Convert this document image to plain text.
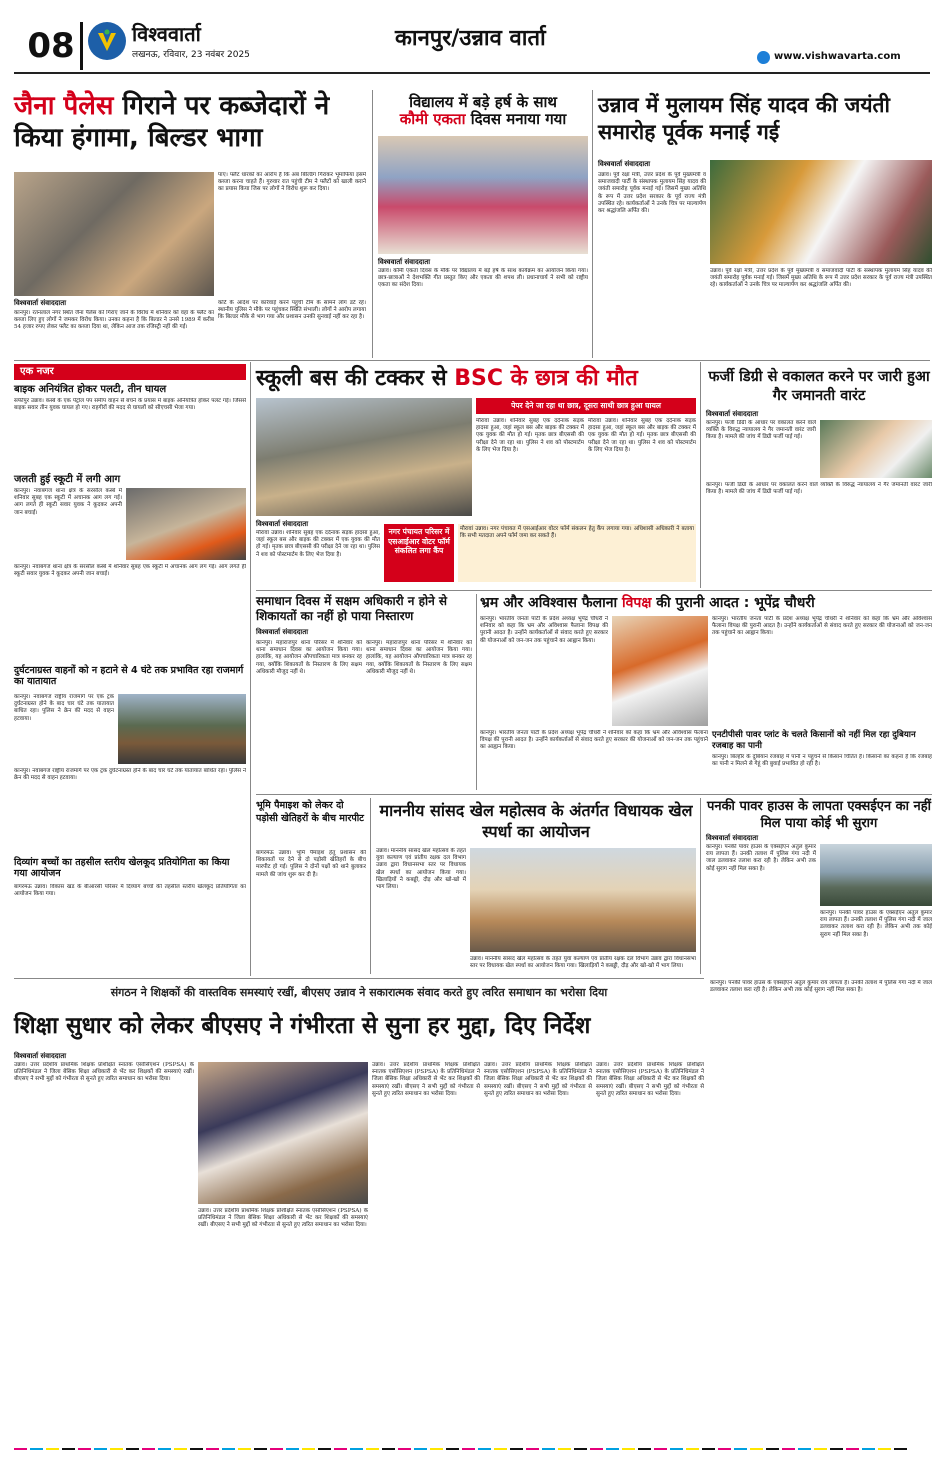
08	विश्ववार्ता
लखनऊ, रविवार, 23 नवंबर 2025
कानपुर/उन्नाव वार्ता
www.vishwavarta.com
जैना पैलेस गिराने पर कब्जेदारों ने किया हंगामा, बिल्डर भागा
पाए। फ्लैट धारकों का आरोप है कि अब बिल्डिंग गिराकर भूमाफिया इसमें कब्जा करना चाहते हैं। गुरुवार रात पहुंची टीम ने फ्लैटों को खाली कराने का प्रयास किया जिस पर लोगों ने विरोध शुरू कर दिया।
विश्ववार्ता संवाददाता
कानपुर। रतनलाल नगर स्थित जैना पैलेस को गिराए जाने के विरोध में शनिवार को वहां के फ्लैट का कब्जा लिए हुए लोगों ने जमकर विरोध किया। उनका कहना है कि बिल्डर ने उनसे 1989 में करीब 54 हजार रुपए लेकर फ्लैट का कब्जा दिया था, लेकिन आज तक रजिस्ट्री नहीं की गई।
कोर्ट के आदेश पर कार्रवाई करने पहुंची टीम के सामने लोग डटे रहे। स्थानीय पुलिस ने मौके पर पहुंचकर स्थिति संभाली। लोगों ने आरोप लगाया कि बिल्डर मौके से भाग गया और प्रशासन उनकी सुनवाई नहीं कर रहा है।
विद्यालय में बड़े हर्ष के साथ
कौमी एकता दिवस मनाया गया
विश्ववार्ता संवाददाता
उन्नाव। कौमी एकता दिवस के मौके पर विद्यालय में बड़े हर्ष के साथ कार्यक्रम का आयोजन किया गया। छात्र-छात्राओं ने देशभक्ति गीत प्रस्तुत किए और एकता की शपथ ली। प्रधानाचार्य ने सभी को राष्ट्रीय एकता का संदेश दिया।
उन्नाव में मुलायम सिंह यादव की जयंती समारोह पूर्वक मनाई गई
विश्ववार्ता संवाददाता
उन्नाव। पूर्व रक्षा मंत्री, उत्तर प्रदेश के पूर्व मुख्यमंत्री व समाजवादी पार्टी के संस्थापक मुलायम सिंह यादव की जयंती समारोह पूर्वक मनाई गई। जिसमें मुख्य अतिथि के रूप में उत्तर प्रदेश सरकार के पूर्व राज्य मंत्री उपस्थित रहे। कार्यकर्ताओं ने उनके चित्र पर माल्यार्पण कर श्रद्धांजलि अर्पित की।
उन्नाव। पूर्व रक्षा मंत्री, उत्तर प्रदेश के पूर्व मुख्यमंत्री व समाजवादी पार्टी के संस्थापक मुलायम सिंह यादव की जयंती समारोह पूर्वक मनाई गई। जिसमें मुख्य अतिथि के रूप में उत्तर प्रदेश सरकार के पूर्व राज्य मंत्री उपस्थित रहे। कार्यकर्ताओं ने उनके चित्र पर माल्यार्पण कर श्रद्धांजलि अर्पित की।
एक नजर
बाइक अनियंत्रित होकर पलटी, तीन घायल
सफीपुर उन्नाव। कस्बे के एक पेट्रोल पंप समीप वाहन से बचने के प्रयास में बाइक अनियंत्रित होकर पलट गई। जिससे बाइक सवार तीन युवक घायल हो गए। राहगीरों की मदद से घायलों को सीएचसी भेजा गया।
जलती हुई स्कूटी में लगी आग
कानपुर। नवाबगंज थाना क्षेत्र के सरसौल कस्बे में शनिवार सुबह एक स्कूटी में अचानक आग लग गई। आग लगते ही स्कूटी सवार युवक ने कूदकर अपनी जान बचाई।
कानपुर। नवाबगंज थाना क्षेत्र के सरसौल कस्बे में शनिवार सुबह एक स्कूटी में अचानक आग लग गई। आग लगते ही स्कूटी सवार युवक ने कूदकर अपनी जान बचाई।
दुर्घटनाग्रस्त वाहनों को न हटाने से 4 घंटे तक प्रभावित रहा राजमार्ग का यातायात
कानपुर। नवाबगंज राष्ट्रीय राजमार्ग पर एक ट्रक दुर्घटनाग्रस्त होने के बाद चार घंटे तक यातायात बाधित रहा। पुलिस ने क्रेन की मदद से वाहन हटवाया।
कानपुर। नवाबगंज राष्ट्रीय राजमार्ग पर एक ट्रक दुर्घटनाग्रस्त होने के बाद चार घंटे तक यातायात बाधित रहा। पुलिस ने क्रेन की मदद से वाहन हटवाया।
दिव्यांग बच्चों का तहसील स्तरीय खेलकूद प्रतियोगिता का किया गया आयोजन
बांगरमऊ उन्नाव। विकास खंड के बीआरसी परिसर में दिव्यांग बच्चों की तहसील स्तरीय खेलकूद प्रतियोगिता का आयोजन किया गया।
स्कूली बस की टक्कर से BSC के छात्र की मौत
पेपर देने जा रहा था छात्र, दूसरा साथी छात्र हुआ घायल
मौरावां उन्नाव। शनिवार सुबह एक दर्दनाक सड़क हादसा हुआ, जहां स्कूल बस और बाइक की टक्कर में एक युवक की मौत हो गई। मृतक छात्र बीएससी की परीक्षा देने जा रहा था। पुलिस ने शव को पोस्टमार्टम के लिए भेज दिया है।
मौरावां उन्नाव। शनिवार सुबह एक दर्दनाक सड़क हादसा हुआ, जहां स्कूल बस और बाइक की टक्कर में एक युवक की मौत हो गई। मृतक छात्र बीएससी की परीक्षा देने जा रहा था। पुलिस ने शव को पोस्टमार्टम के लिए भेज दिया है।
विश्ववार्ता संवाददाता
मौरावां उन्नाव। शनिवार सुबह एक दर्दनाक सड़क हादसा हुआ, जहां स्कूल बस और बाइक की टक्कर में एक युवक की मौत हो गई। मृतक छात्र बीएससी की परीक्षा देने जा रहा था। पुलिस ने शव को पोस्टमार्टम के लिए भेज दिया है।
नगर पंचायत परिसर में एसआईआर वोटर फॉर्म संकलित लगा कैंप
मौरावां उन्नाव। नगर पंचायत में एसआईआर वोटर फॉर्म संकलन हेतु कैंप लगाया गया। अधिशासी अधिकारी ने बताया कि सभी मतदाता अपने फॉर्म जमा कर सकते हैं।
फर्जी डिग्री से वकालत करने पर जारी हुआ गैर जमानती वारंट
विश्ववार्ता संवाददाता
कानपुर। फर्जी डिग्री के आधार पर वकालत करने वाले व्यक्ति के विरुद्ध न्यायालय ने गैर जमानती वारंट जारी किया है। मामले की जांच में डिग्री फर्जी पाई गई।
कानपुर। फर्जी डिग्री के आधार पर वकालत करने वाले व्यक्ति के विरुद्ध न्यायालय ने गैर जमानती वारंट जारी किया है। मामले की जांच में डिग्री फर्जी पाई गई।
समाधान दिवस में सक्षम अधिकारी न होने से शिकायतों का नहीं हो पाया निस्तारण
विश्ववार्ता संवाददाता
कानपुर। महाराजपुर थाना परिसर में शनिवार को थाना समाधान दिवस का आयोजन किया गया। हालांकि, यह आयोजन औपचारिकता मात्र बनकर रह गया, क्योंकि शिकायतों के निस्तारण के लिए सक्षम अधिकारी मौजूद नहीं थे।
कानपुर। महाराजपुर थाना परिसर में शनिवार को थाना समाधान दिवस का आयोजन किया गया। हालांकि, यह आयोजन औपचारिकता मात्र बनकर रह गया, क्योंकि शिकायतों के निस्तारण के लिए सक्षम अधिकारी मौजूद नहीं थे।
भ्रम और अविश्वास फैलाना विपक्ष की पुरानी आदत : भूपेंद्र चौधरी
कानपुर। भारतीय जनता पार्टी के प्रदेश अध्यक्ष भूपेंद्र चौधरी ने शनिवार को कहा कि भ्रम और अविश्वास फैलाना विपक्ष की पुरानी आदत है। उन्होंने कार्यकर्ताओं से संवाद करते हुए सरकार की योजनाओं को जन-जन तक पहुंचाने का आह्वान किया।
कानपुर। भारतीय जनता पार्टी के प्रदेश अध्यक्ष भूपेंद्र चौधरी ने शनिवार को कहा कि भ्रम और अविश्वास फैलाना विपक्ष की पुरानी आदत है। उन्होंने कार्यकर्ताओं से संवाद करते हुए सरकार की योजनाओं को जन-जन तक पहुंचाने का आह्वान किया।
एनटीपीसी पावर प्लांट के चलते किसानों को नहीं मिल रहा दुबियान रजबाह का पानी
कानपुर। बिल्हौर के दुबियान रजबाह में पानी न पहुंचने से किसान चिंतित हैं। किसानों का कहना है कि रजबाह का पानी न मिलने से गेहूं की बुवाई प्रभावित हो रही है।
कानपुर। भारतीय जनता पार्टी के प्रदेश अध्यक्ष भूपेंद्र चौधरी ने शनिवार को कहा कि भ्रम और अविश्वास फैलाना विपक्ष की पुरानी आदत है। उन्होंने कार्यकर्ताओं से संवाद करते हुए सरकार की योजनाओं को जन-जन तक पहुंचाने का आह्वान किया।
भूमि पैमाइश को लेकर दो पड़ोसी खेतिहरों के बीच मारपीट
बांगरमऊ उन्नाव। भूमि पैमाइश हेतु प्रशासन की शिकायतों पर देने से दो पड़ोसी खेतिहरों के बीच मारपीट हो गई। पुलिस ने दोनों पक्षों को थाने बुलाकर मामले की जांच शुरू कर दी है।
माननीय सांसद खेल महोत्सव के अंतर्गत विधायक खेल स्पर्धा का आयोजन
उन्नाव। माननीय सांसद खेल महोत्सव के तहत युवा कल्याण एवं प्रांतीय रक्षक दल विभाग उन्नाव द्वारा विधानसभा स्तर पर विधायक खेल स्पर्धा का आयोजन किया गया। खिलाड़ियों ने कबड्डी, दौड़ और खो-खो में भाग लिया।
उन्नाव। माननीय सांसद खेल महोत्सव के तहत युवा कल्याण एवं प्रांतीय रक्षक दल विभाग उन्नाव द्वारा विधानसभा स्तर पर विधायक खेल स्पर्धा का आयोजन किया गया। खिलाड़ियों ने कबड्डी, दौड़ और खो-खो में भाग लिया।
पनकी पावर हाउस के लापता एक्सईएन का नहीं मिल पाया कोई भी सुराग
विश्ववार्ता संवाददाता
कानपुर। पनकी पावर हाउस के एक्सईएन अतुल कुमार राय लापता हैं। उनकी तलाश में पुलिस गंगा नदी में जाल डलवाकर तलाश करा रही है। लेकिन अभी तक कोई सुराग नहीं मिल सका है।
कानपुर। पनकी पावर हाउस के एक्सईएन अतुल कुमार राय लापता हैं। उनकी तलाश में पुलिस गंगा नदी में जाल डलवाकर तलाश करा रही है। लेकिन अभी तक कोई सुराग नहीं मिल सका है।
संगठन ने शिक्षकों की वास्तविक समस्याएं रखीं, बीएसए उन्नाव ने सकारात्मक संवाद करते हुए त्वरित समाधान का भरोसा दिया
शिक्षा सुधार को लेकर बीएसए ने गंभीरता से सुना हर मुद्दा, दिए निर्देश
विश्ववार्ता संवाददाता
उन्नाव। उत्तर प्रदेशीय प्राथमिक शिक्षक प्रशिक्षित स्नातक एसोसिएशन (PSPSA) के प्रतिनिधिमंडल ने जिला बेसिक शिक्षा अधिकारी से भेंट कर शिक्षकों की समस्याएं रखीं। बीएसए ने सभी मुद्दों को गंभीरता से सुनते हुए त्वरित समाधान का भरोसा दिया।
उन्नाव। उत्तर प्रदेशीय प्राथमिक शिक्षक प्रशिक्षित स्नातक एसोसिएशन (PSPSA) के प्रतिनिधिमंडल ने जिला बेसिक शिक्षा अधिकारी से भेंट कर शिक्षकों की समस्याएं रखीं। बीएसए ने सभी मुद्दों को गंभीरता से सुनते हुए त्वरित समाधान का भरोसा दिया।
उन्नाव। उत्तर प्रदेशीय प्राथमिक शिक्षक प्रशिक्षित स्नातक एसोसिएशन (PSPSA) के प्रतिनिधिमंडल ने जिला बेसिक शिक्षा अधिकारी से भेंट कर शिक्षकों की समस्याएं रखीं। बीएसए ने सभी मुद्दों को गंभीरता से सुनते हुए त्वरित समाधान का भरोसा दिया।
उन्नाव। उत्तर प्रदेशीय प्राथमिक शिक्षक प्रशिक्षित स्नातक एसोसिएशन (PSPSA) के प्रतिनिधिमंडल ने जिला बेसिक शिक्षा अधिकारी से भेंट कर शिक्षकों की समस्याएं रखीं। बीएसए ने सभी मुद्दों को गंभीरता से सुनते हुए त्वरित समाधान का भरोसा दिया।
उन्नाव। उत्तर प्रदेशीय प्राथमिक शिक्षक प्रशिक्षित स्नातक एसोसिएशन (PSPSA) के प्रतिनिधिमंडल ने जिला बेसिक शिक्षा अधिकारी से भेंट कर शिक्षकों की समस्याएं रखीं। बीएसए ने सभी मुद्दों को गंभीरता से सुनते हुए त्वरित समाधान का भरोसा दिया।
कानपुर। पनकी पावर हाउस के एक्सईएन अतुल कुमार राय लापता हैं। उनकी तलाश में पुलिस गंगा नदी में जाल डलवाकर तलाश करा रही है। लेकिन अभी तक कोई सुराग नहीं मिल सका है।
